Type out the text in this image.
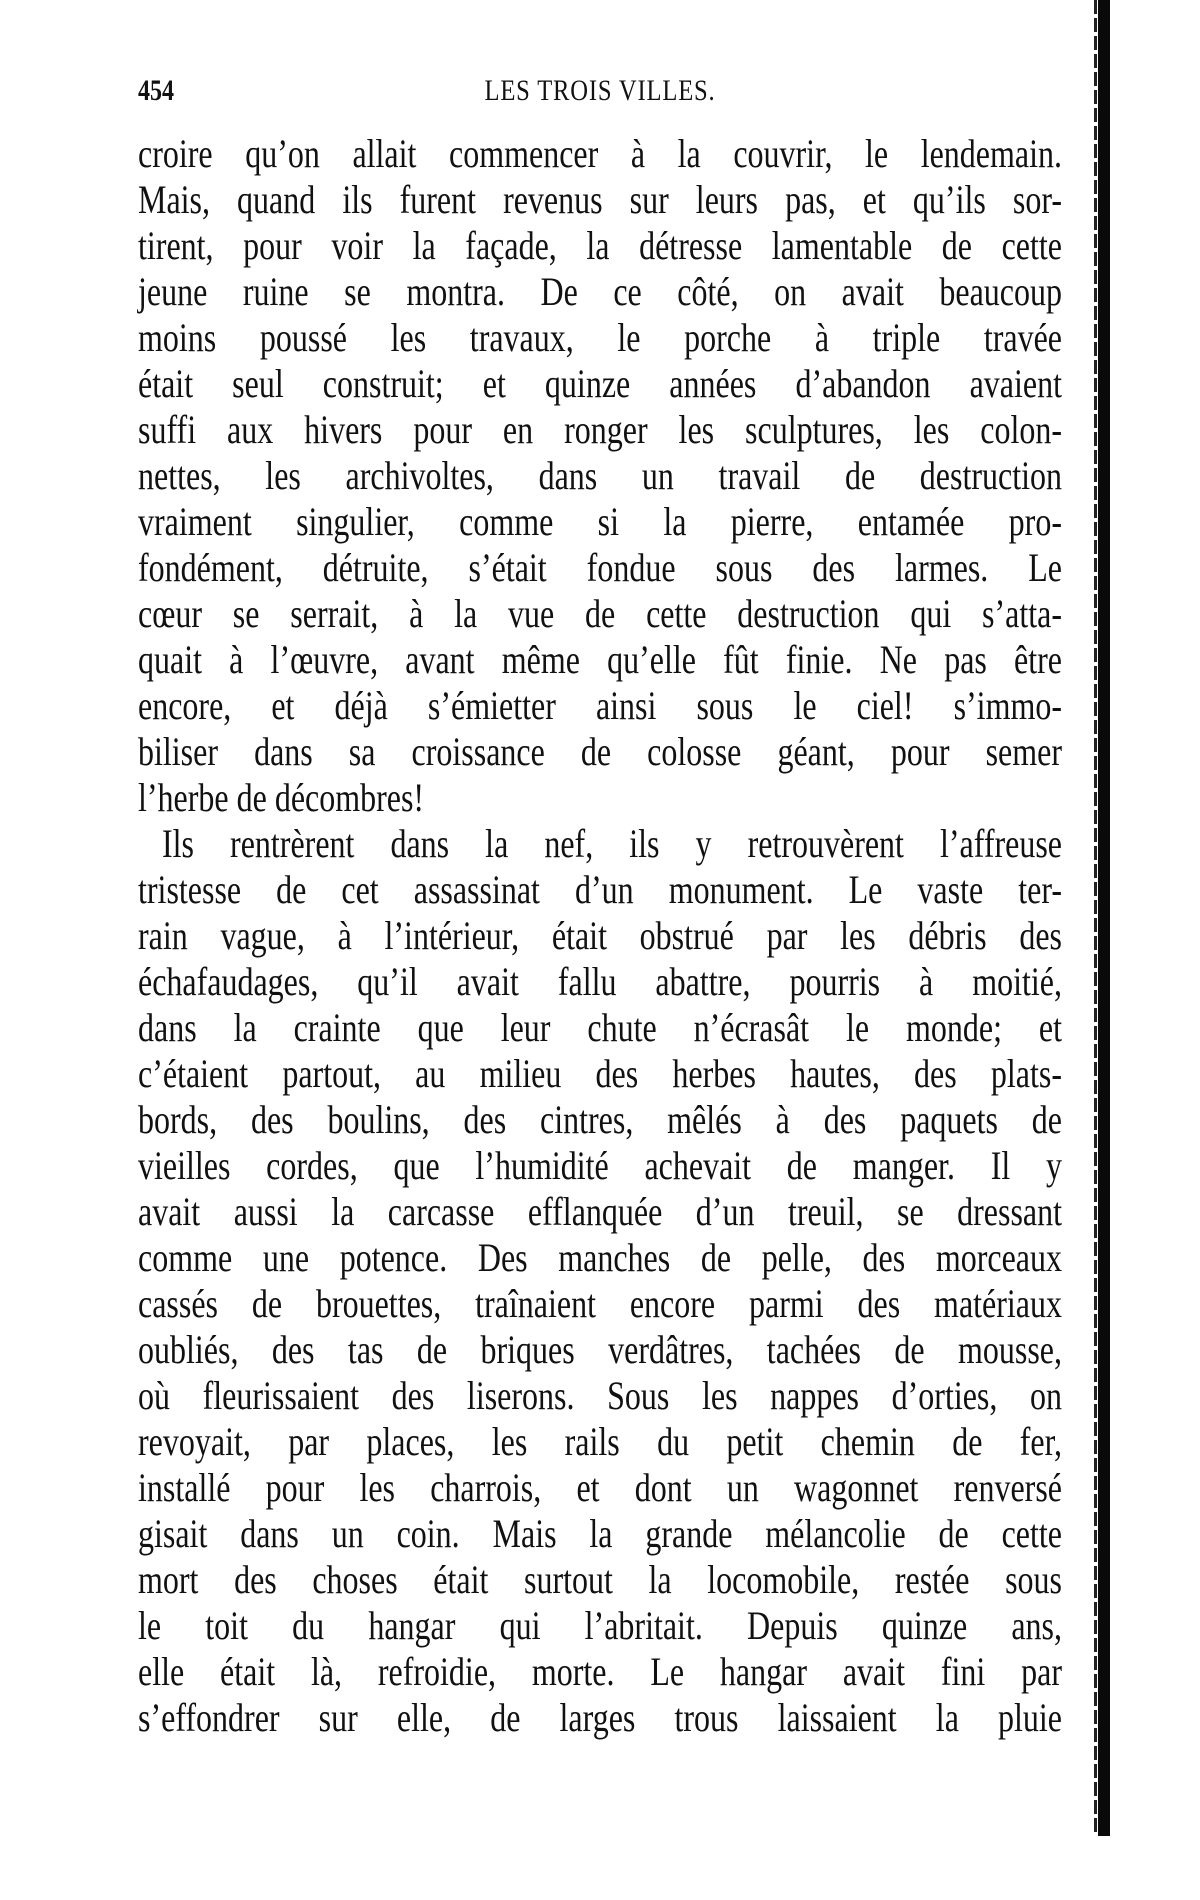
454	LES TROIS VILLES.
croire qu’on allait commencer à la couvrir, le lendemain.
Mais, quand ils furent revenus sur leurs pas, et qu’ils sor-
tirent, pour voir la façade, la détresse lamentable de cette
jeune ruine se montra. De ce côté, on avait beaucoup
moins poussé les travaux, le porche à triple travée
était seul construit; et quinze années d’abandon avaient
suffi aux hivers pour en ronger les sculptures, les colon-
nettes, les archivoltes, dans un travail de destruction
vraiment singulier, comme si la pierre, entamée pro-
fondément, détruite, s’était fondue sous des larmes. Le
cœur se serrait, à la vue de cette destruction qui s’atta-
quait à l’œuvre, avant même qu’elle fût finie. Ne pas être
encore, et déjà s’émietter ainsi sous le ciel! s’immo-
biliser dans sa croissance de colosse géant, pour semer
l’herbe de décombres!
Ils rentrèrent dans la nef, ils y retrouvèrent l’affreuse
tristesse de cet assassinat d’un monument. Le vaste ter-
rain vague, à l’intérieur, était obstrué par les débris des
échafaudages, qu’il avait fallu abattre, pourris à moitié,
dans la crainte que leur chute n’écrasât le monde; et
c’étaient partout, au milieu des herbes hautes, des plats-
bords, des boulins, des cintres, mêlés à des paquets de
vieilles cordes, que l’humidité achevait de manger. Il y
avait aussi la carcasse efflanquée d’un treuil, se dressant
comme une potence. Des manches de pelle, des morceaux
cassés de brouettes, traînaient encore parmi des matériaux
oubliés, des tas de briques verdâtres, tachées de mousse,
où fleurissaient des liserons. Sous les nappes d’orties, on
revoyait, par places, les rails du petit chemin de fer,
installé pour les charrois, et dont un wagonnet renversé
gisait dans un coin. Mais la grande mélancolie de cette
mort des choses était surtout la locomobile, restée sous
le toit du hangar qui l’abritait. Depuis quinze ans,
elle était là, refroidie, morte. Le hangar avait fini par
s’effondrer sur elle, de larges trous laissaient la pluie
